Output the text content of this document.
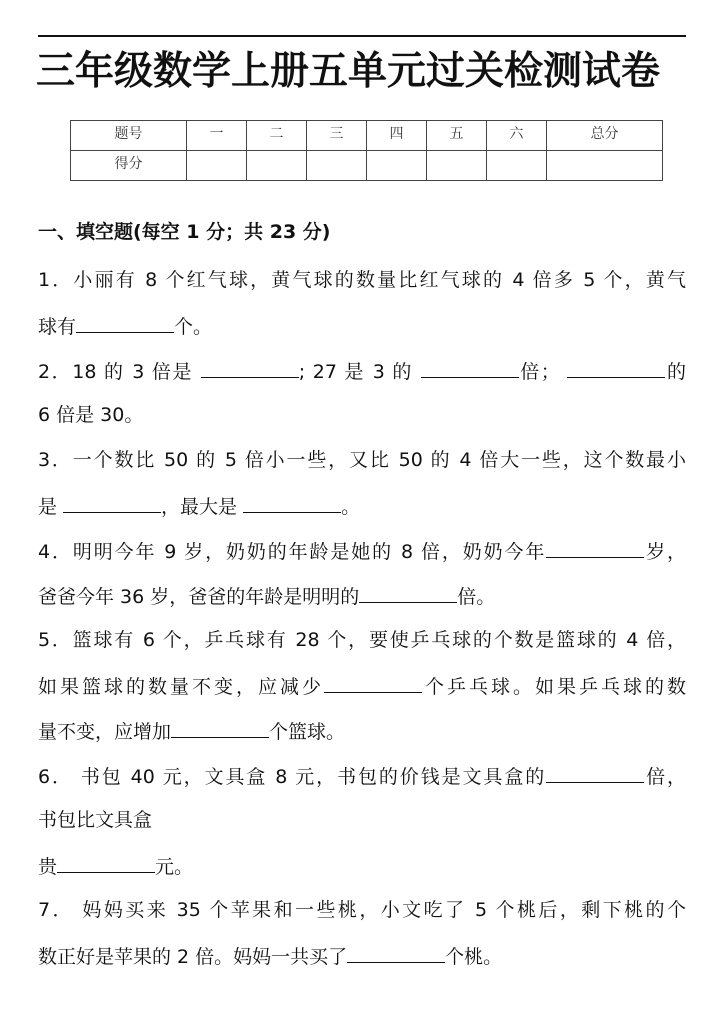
三年级数学上册五单元过关检测试卷
题号	一	二	三	四	五	六	总分
得分							
一、填空题(每空 1 分；共 23 分)
1．小丽有 8 个红气球，黄气球的数量比红气球的 4 倍多 5 个，黄气
球有	个。
2．18 的 3 倍是	; 27 是 3 的	倍；	的
6 倍是 30。
3．一个数比 50 的 5 倍小一些，又比 50 的 4 倍大一些，这个数最小
是	，最大是	。
4．明明今年 9 岁，奶奶的年龄是她的 8 倍，奶奶今年	岁，
爸爸今年 36 岁，爸爸的年龄是明明的	倍。
5．篮球有 6 个，乒乓球有 28 个，要使乒乓球的个数是篮球的 4 倍，
如果篮球的数量不变，应减少	个乒乓球。如果乒乓球的数
量不变，应增加	个篮球。
6． 书包 40 元，文具盒 8 元，书包的价钱是文具盒的	倍，
书包比文具盒
贵	元。
7． 妈妈买来 35 个苹果和一些桃，小文吃了 5 个桃后，剩下桃的个
数正好是苹果的 2 倍。妈妈一共买了	个桃。
